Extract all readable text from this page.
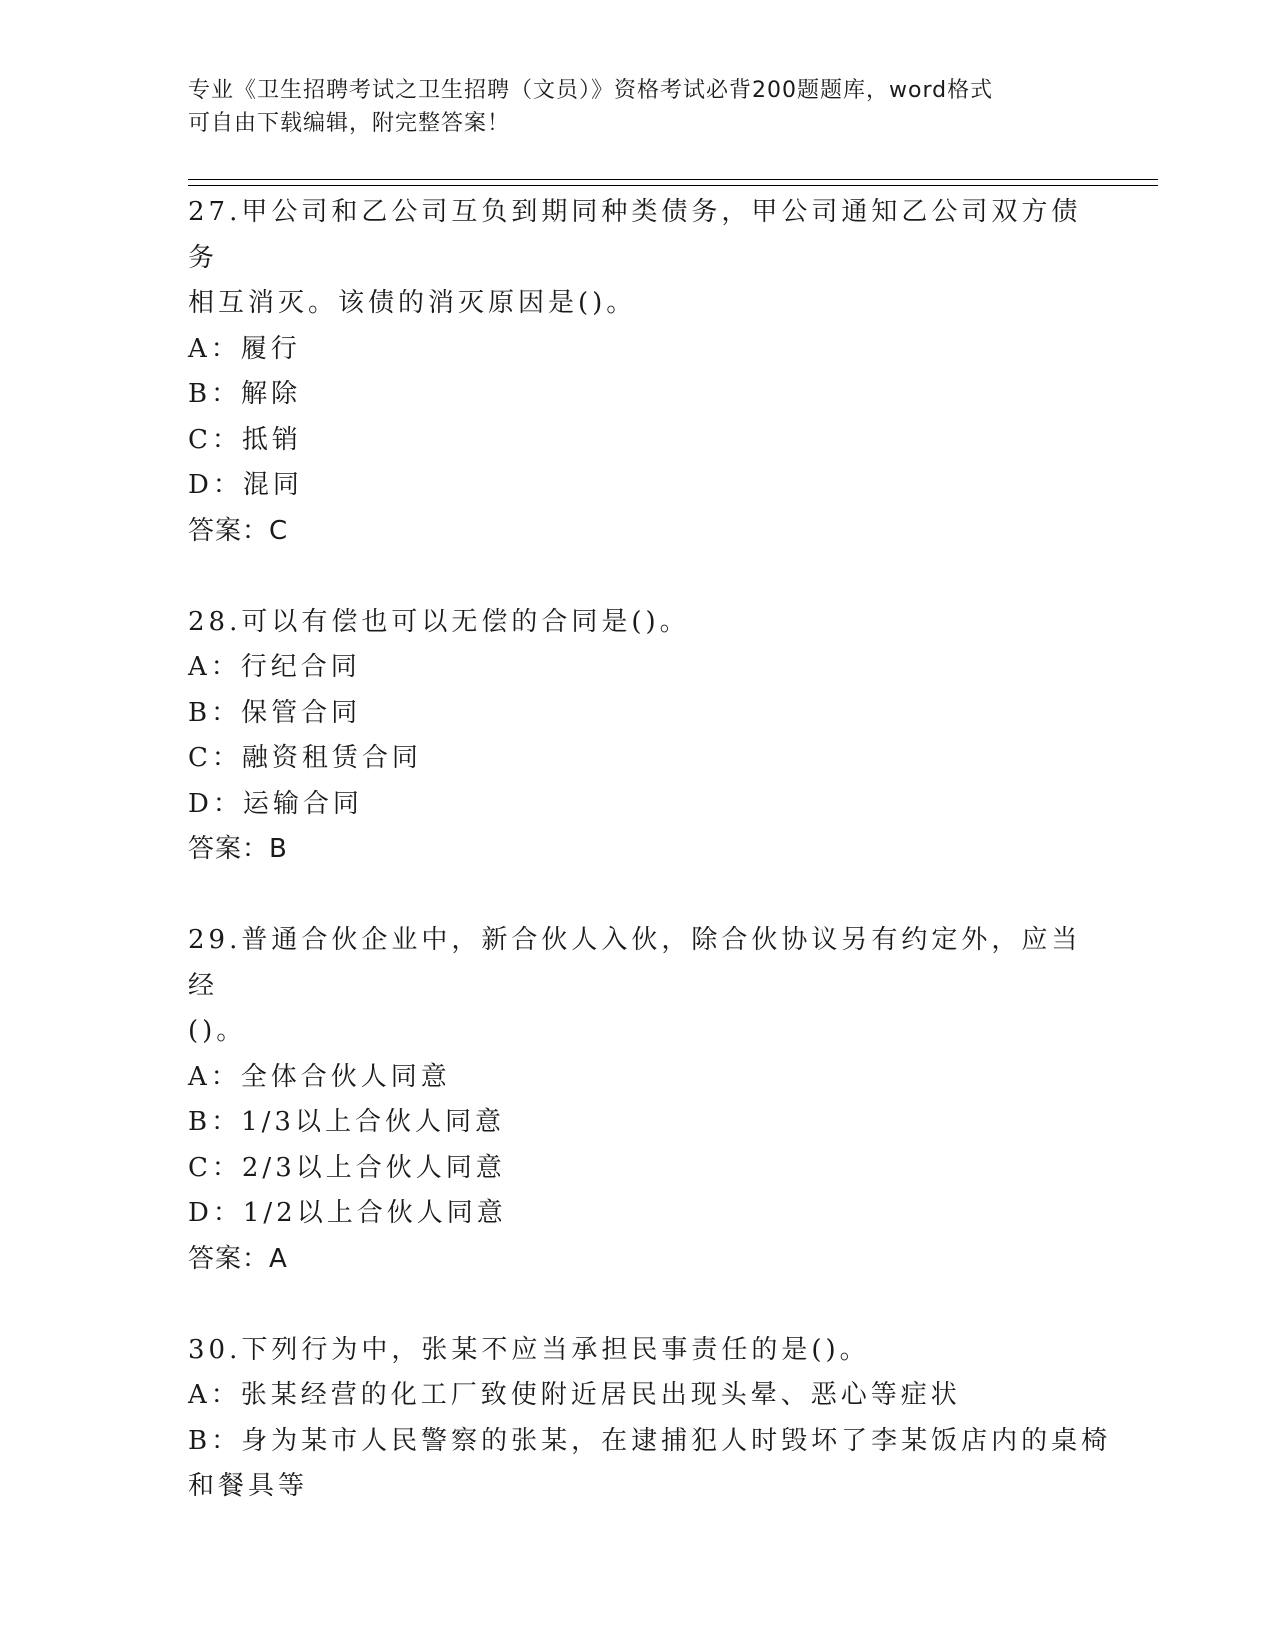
专业《卫生招聘考试之卫生招聘（文员）》资格考试必背200题题库，word格式
可自由下载编辑，附完整答案！
27.甲公司和乙公司互负到期同种类债务，甲公司通知乙公司双方债务
相互消灭。该债的消灭原因是()。
A：履行
B：解除
C：抵销
D：混同
答案：C
28.可以有偿也可以无偿的合同是()。
A：行纪合同
B：保管合同
C：融资租赁合同
D：运输合同
答案：B
29.普通合伙企业中，新合伙人入伙，除合伙协议另有约定外，应当经
()。
A：全体合伙人同意
B：1/3以上合伙人同意
C：2/3以上合伙人同意
D：1/2以上合伙人同意
答案：A
30.下列行为中，张某不应当承担民事责任的是()。
A：张某经营的化工厂致使附近居民出现头晕、恶心等症状
B：身为某市人民警察的张某，在逮捕犯人时毁坏了李某饭店内的桌椅
和餐具等
